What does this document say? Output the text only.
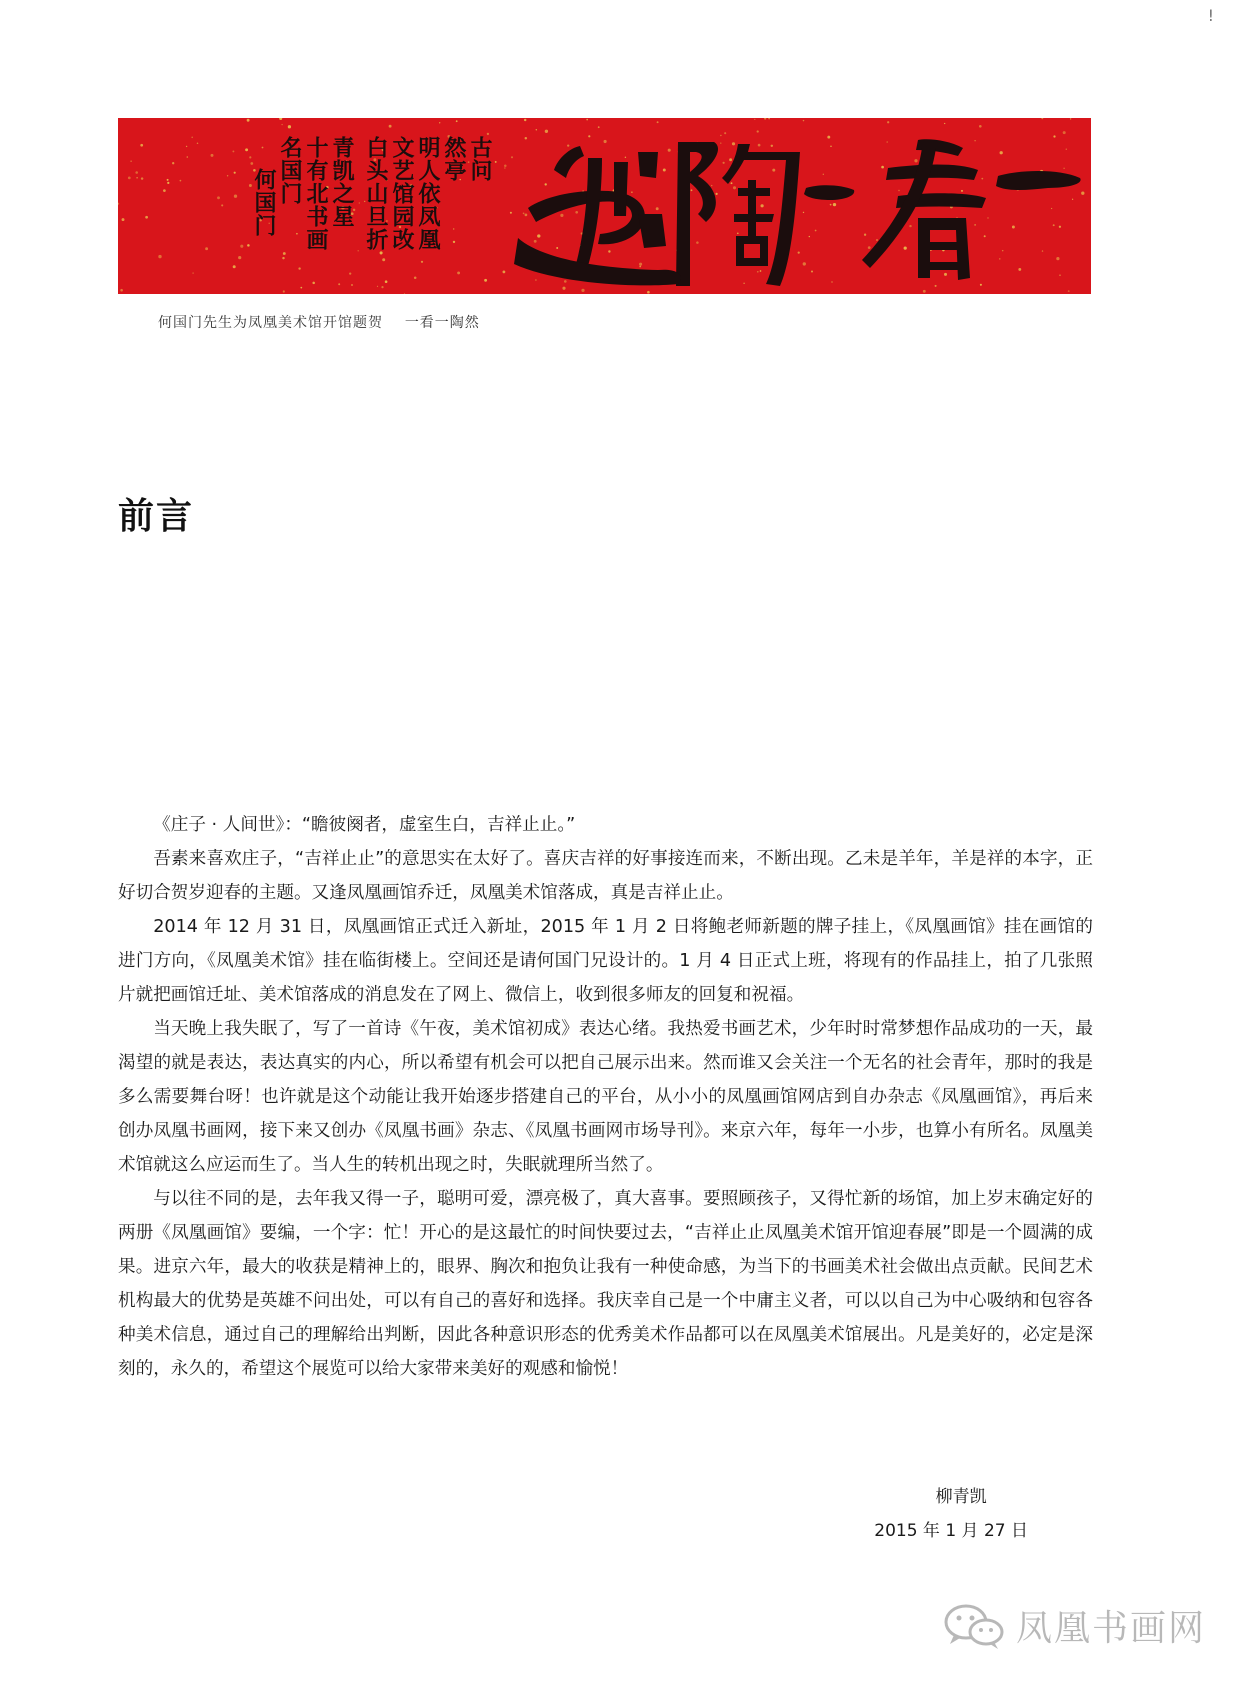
!
古问
然亭
明人依凤凰
文艺馆园改
白头山旦折
青凯之星
十有北书画
名国门
何国门
何国门先生为凤凰美术馆开馆题贺 一看一陶然
前言

《庄子 · 人间世》：“瞻彼阕者，虚室生白，吉祥止止。”

吾素来喜欢庄子，“吉祥止止”的意思实在太好了。喜庆吉祥的好事接连而来，不断出现。乙未是羊年，羊是祥的本字，正好切合贺岁迎春的主题。又逢凤凰画馆乔迁，凤凰美术馆落成，真是吉祥止止。

2014 年 12 月 31 日，凤凰画馆正式迁入新址，2015 年 1 月 2 日将鲍老师新题的牌子挂上，《凤凰画馆》挂在画馆的进门方向，《凤凰美术馆》挂在临街楼上。空间还是请何国门兄设计的。1 月 4 日正式上班，将现有的作品挂上，拍了几张照片就把画馆迁址、美术馆落成的消息发在了网上、微信上，收到很多师友的回复和祝福。

当天晚上我失眠了，写了一首诗《午夜，美术馆初成》表达心绪。我热爱书画艺术，少年时时常梦想作品成功的一天，最渴望的就是表达，表达真实的内心，所以希望有机会可以把自己展示出来。然而谁又会关注一个无名的社会青年，那时的我是多么需要舞台呀！也许就是这个动能让我开始逐步搭建自己的平台，从小小的凤凰画馆网店到自办杂志《凤凰画馆》，再后来创办凤凰书画网，接下来又创办《凤凰书画》杂志、《凤凰书画网市场导刊》。来京六年，每年一小步，也算小有所名。凤凰美术馆就这么应运而生了。当人生的转机出现之时，失眠就理所当然了。

与以往不同的是，去年我又得一子，聪明可爱，漂亮极了，真大喜事。要照顾孩子，又得忙新的场馆，加上岁末确定好的两册《凤凰画馆》要编，一个字：忙！开心的是这最忙的时间快要过去，“吉祥止止凤凰美术馆开馆迎春展”即是一个圆满的成果。进京六年，最大的收获是精神上的，眼界、胸次和抱负让我有一种使命感，为当下的书画美术社会做出点贡献。民间艺术机构最大的优势是英雄不问出处，可以有自己的喜好和选择。我庆幸自己是一个中庸主义者，可以以自己为中心吸纳和包容各种美术信息，通过自己的理解给出判断，因此各种意识形态的优秀美术作品都可以在凤凰美术馆展出。凡是美好的，必定是深刻的，永久的，希望这个展览可以给大家带来美好的观感和愉悦！

柳青凯
2015 年 1 月 27 日
凤凰书画网
